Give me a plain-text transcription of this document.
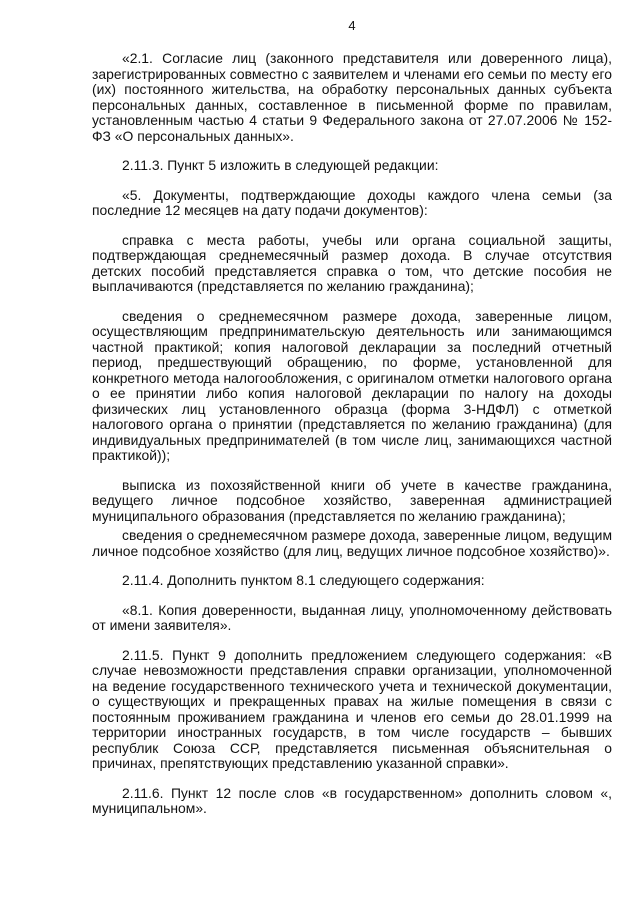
4

«2.1. Согласие лиц (законного представителя или доверенного лица), зарегистрированных совместно с заявителем и членами его семьи по месту его (их) постоянного жительства, на обработку персональных данных субъекта персональных данных, составленное в письменной форме по правилам, установленным частью 4 статьи 9 Федерального закона от 27.07.2006 № 152-ФЗ «О персональных данных».

2.11.3. Пункт 5 изложить в следующей редакции:

«5. Документы, подтверждающие доходы каждого члена семьи (за последние 12 месяцев на дату подачи документов):

справка с места работы, учебы или органа социальной защиты, подтверждающая среднемесячный размер дохода. В случае отсутствия детских пособий представляется справка о том, что детские пособия не выплачиваются (представляется по желанию гражданина);

сведения о среднемесячном размере дохода, заверенные лицом, осуществляющим предпринимательскую деятельность или занимающимся частной практикой; копия налоговой декларации за последний отчетный период, предшествующий обращению, по форме, установленной для конкретного метода налогообложения, с оригиналом отметки налогового органа о ее принятии либо копия налоговой декларации по налогу на доходы физических лиц установленного образца (форма 3-НДФЛ) с отметкой налогового органа о принятии (представляется по желанию гражданина) (для индивидуальных предпринимателей (в том числе лиц, занимающихся частной практикой));

выписка из похозяйственной книги об учете в качестве гражданина, ведущего личное подсобное хозяйство, заверенная администрацией муниципального образования (представляется по желанию гражданина);

сведения о среднемесячном размере дохода, заверенные лицом, ведущим личное подсобное хозяйство (для лиц, ведущих личное подсобное хозяйство)».

2.11.4. Дополнить пунктом 8.1 следующего содержания:

«8.1. Копия доверенности, выданная лицу, уполномоченному действовать от имени заявителя».

2.11.5. Пункт 9 дополнить предложением следующего содержания: «В случае невозможности представления справки организации, уполномоченной на ведение государственного технического учета и технической документации, о существующих и прекращенных правах на жилые помещения в связи с постоянным проживанием гражданина и членов его семьи до 28.01.1999 на территории иностранных государств, в том числе государств – бывших республик Союза ССР, представляется письменная объяснительная о причинах, препятствующих представлению указанной справки».

2.11.6. Пункт 12 после слов «в государственном» дополнить словом «, муниципальном».
